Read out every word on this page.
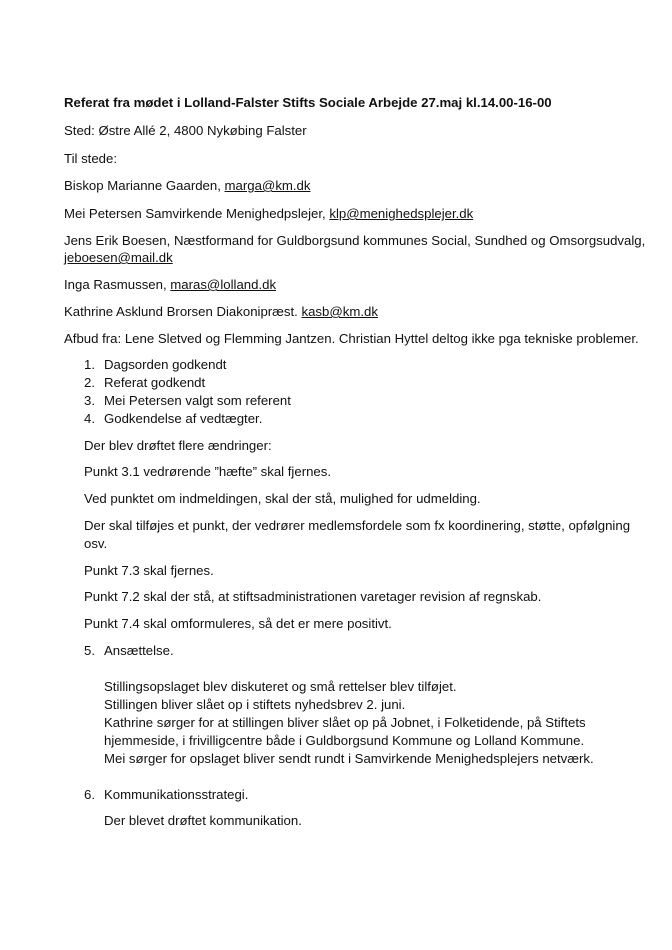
Referat fra mødet i Lolland-Falster Stifts Sociale Arbejde 27.maj kl.14.00-16-00
Sted: Østre Allé 2, 4800 Nykøbing Falster
Til stede:
Biskop Marianne Gaarden, marga@km.dk
Mei Petersen Samvirkende Menighedpslejer, klp@menighedsplejer.dk
Jens Erik Boesen, Næstformand for Guldborgsund kommunes Social, Sundhed og Omsorgsudvalg,
jeboesen@mail.dk
Inga Rasmussen, maras@lolland.dk
Kathrine Asklund Brorsen Diakonipræst. kasb@km.dk
Afbud fra: Lene Sletved og Flemming Jantzen. Christian Hyttel deltog ikke pga tekniske problemer.
1. Dagsorden godkendt
2. Referat godkendt
3. Mei Petersen valgt som referent
4. Godkendelse af vedtægter.
Der blev drøftet flere ændringer:
Punkt 3.1 vedrørende ”hæfte” skal fjernes.
Ved punktet om indmeldingen, skal der stå, mulighed for udmelding.
Der skal tilføjes et punkt, der vedrører medlemsfordele som fx koordinering, støtte, opfølgning
osv.
Punkt 7.3 skal fjernes.
Punkt 7.2 skal der stå, at stiftsadministrationen varetager revision af regnskab.
Punkt 7.4 skal omformuleres, så det er mere positivt.
5. Ansættelse.
Stillingsopslaget blev diskuteret og små rettelser blev tilføjet.
Stillingen bliver slået op i stiftets nyhedsbrev 2. juni.
Kathrine sørger for at stillingen bliver slået op på Jobnet, i Folketidende, på Stiftets
hjemmeside, i frivilligcentre både i Guldborgsund Kommune og Lolland Kommune.
Mei sørger for opslaget bliver sendt rundt i Samvirkende Menighedsplejers netværk.
6. Kommunikationsstrategi.
Der blevet drøftet kommunikation.
